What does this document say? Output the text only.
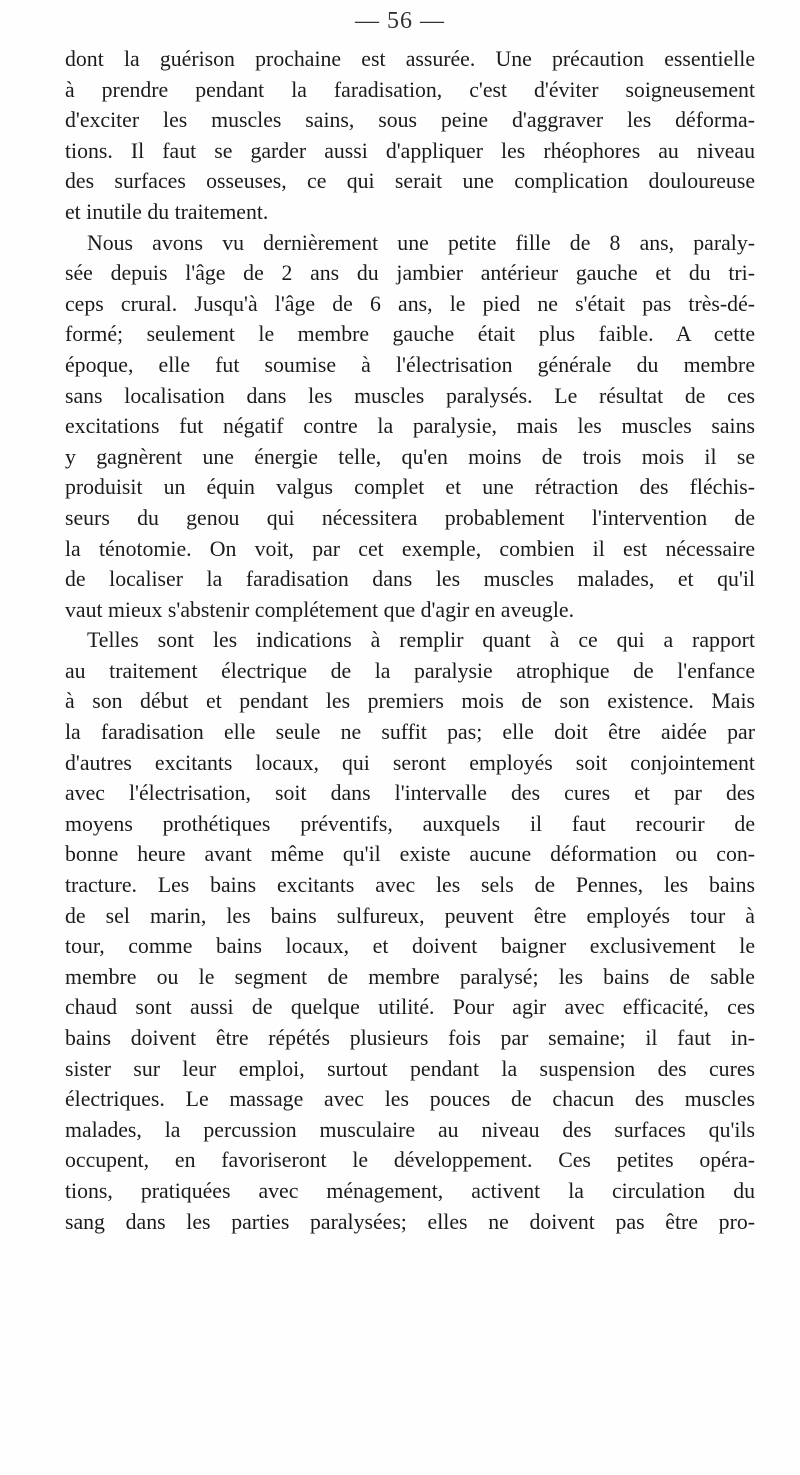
— 56 —
dont la guérison prochaine est assurée. Une précaution essentielle
à prendre pendant la faradisation, c'est d'éviter soigneusement
d'exciter les muscles sains, sous peine d'aggraver les déforma-
tions. Il faut se garder aussi d'appliquer les rhéophores au niveau
des surfaces osseuses, ce qui serait une complication douloureuse
et inutile du traitement.
Nous avons vu dernièrement une petite fille de 8 ans, paraly-
sée depuis l'âge de 2 ans du jambier antérieur gauche et du tri-
ceps crural. Jusqu'à l'âge de 6 ans, le pied ne s'était pas très-dé-
formé; seulement le membre gauche était plus faible. A cette
époque, elle fut soumise à l'électrisation générale du membre
sans localisation dans les muscles paralysés. Le résultat de ces
excitations fut négatif contre la paralysie, mais les muscles sains
y gagnèrent une énergie telle, qu'en moins de trois mois il se
produisit un équin valgus complet et une rétraction des fléchis-
seurs du genou qui nécessitera probablement l'intervention de
la ténotomie. On voit, par cet exemple, combien il est nécessaire
de localiser la faradisation dans les muscles malades, et qu'il
vaut mieux s'abstenir complétement que d'agir en aveugle.
Telles sont les indications à remplir quant à ce qui a rapport
au traitement électrique de la paralysie atrophique de l'enfance
à son début et pendant les premiers mois de son existence. Mais
la faradisation elle seule ne suffit pas; elle doit être aidée par
d'autres excitants locaux, qui seront employés soit conjointement
avec l'électrisation, soit dans l'intervalle des cures et par des
moyens prothétiques préventifs, auxquels il faut recourir de
bonne heure avant même qu'il existe aucune déformation ou con-
tracture. Les bains excitants avec les sels de Pennes, les bains
de sel marin, les bains sulfureux, peuvent être employés tour à
tour, comme bains locaux, et doivent baigner exclusivement le
membre ou le segment de membre paralysé; les bains de sable
chaud sont aussi de quelque utilité. Pour agir avec efficacité, ces
bains doivent être répétés plusieurs fois par semaine; il faut in-
sister sur leur emploi, surtout pendant la suspension des cures
électriques. Le massage avec les pouces de chacun des muscles
malades, la percussion musculaire au niveau des surfaces qu'ils
occupent, en favoriseront le développement. Ces petites opéra-
tions, pratiquées avec ménagement, activent la circulation du
sang dans les parties paralysées; elles ne doivent pas être pro-
